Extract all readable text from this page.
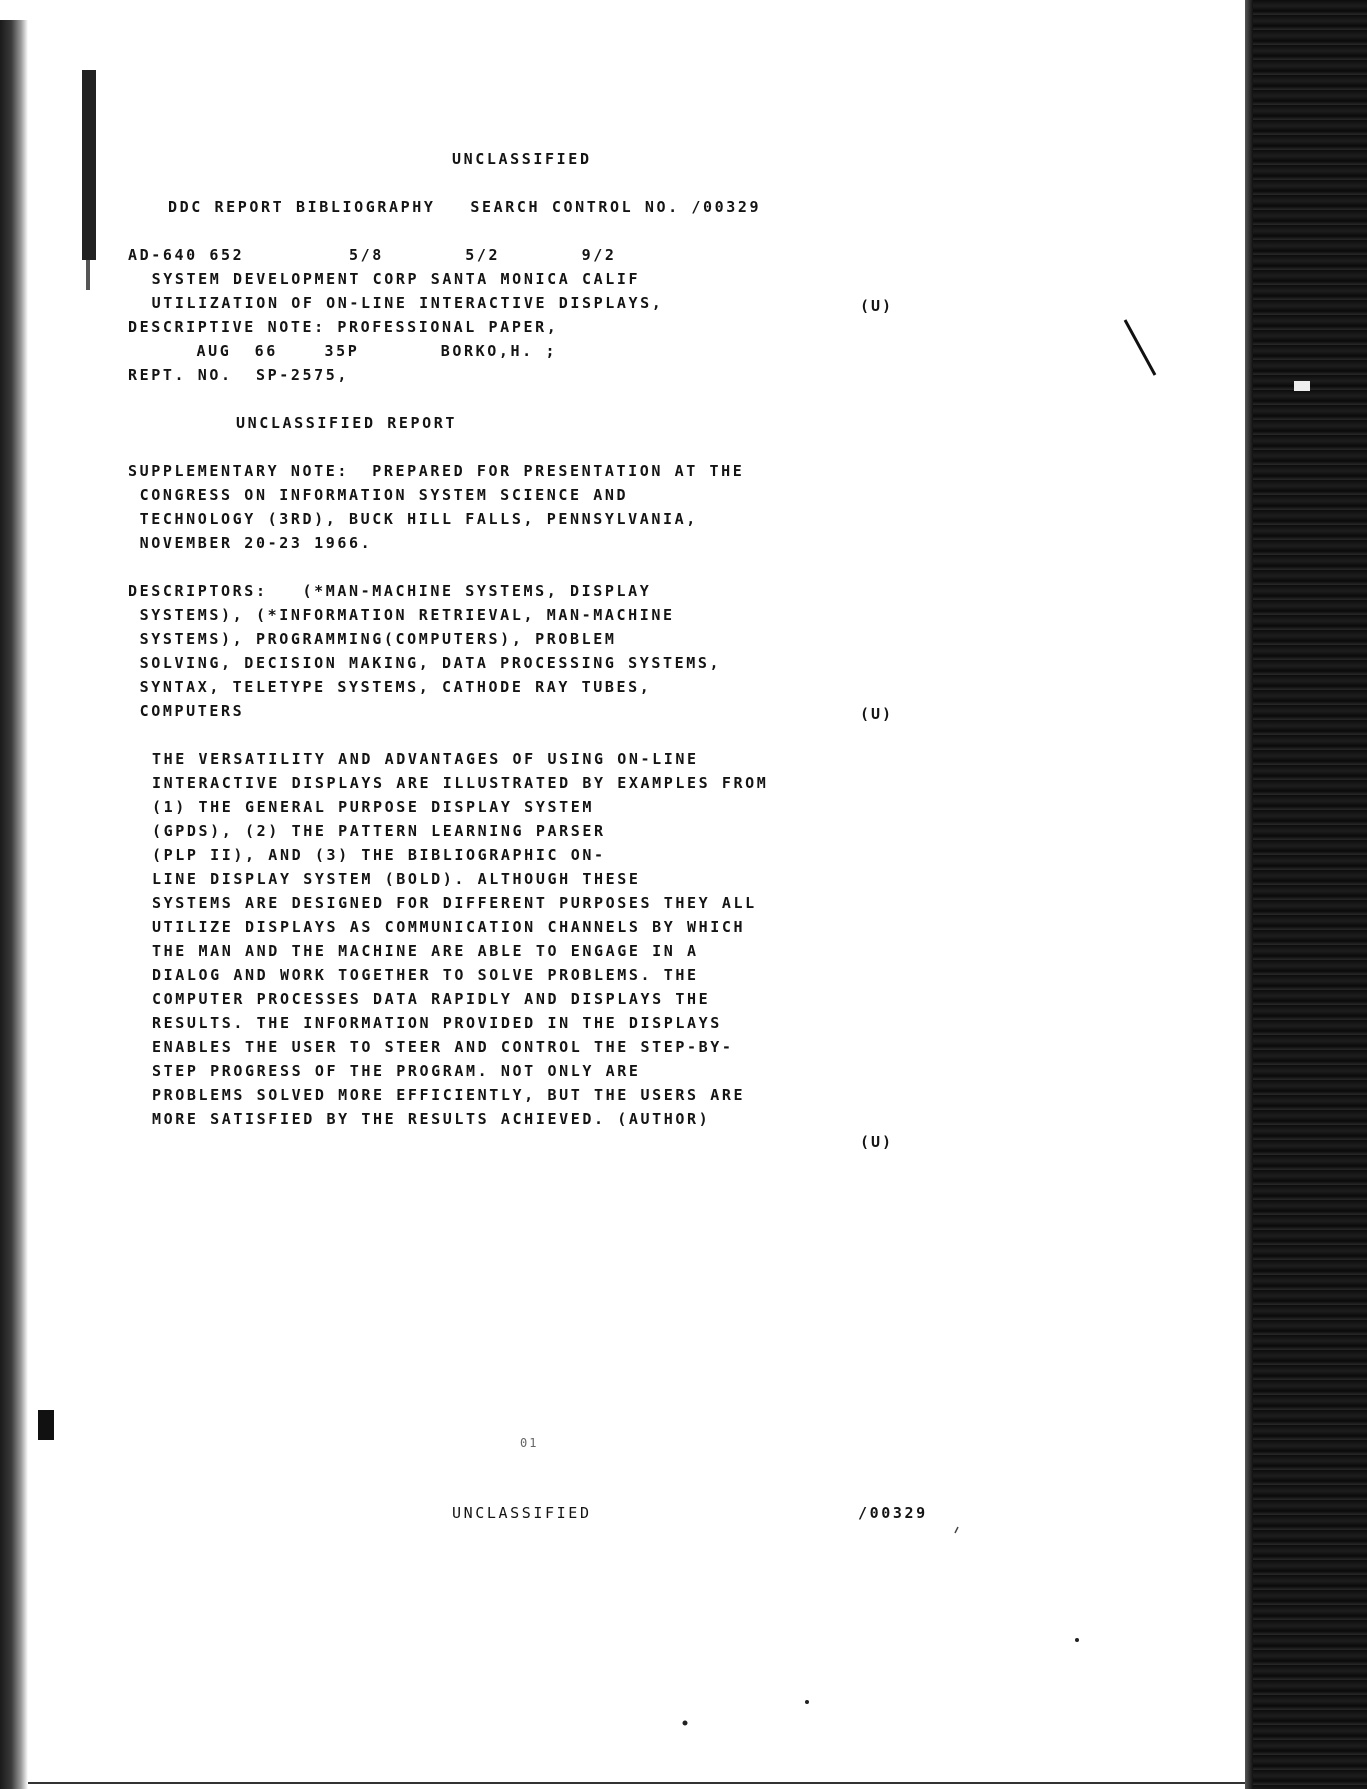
UNCLASSIFIED
DDC REPORT BIBLIOGRAPHY   SEARCH CONTROL NO. /00329
AD-640 652         5/8       5/2       9/2
SYSTEM DEVELOPMENT CORP SANTA MONICA CALIF
UTILIZATION OF ON-LINE INTERACTIVE DISPLAYS,	(U)
DESCRIPTIVE NOTE: PROFESSIONAL PAPER,
AUG  66    35P       BORKO,H. ;
REPT. NO.  SP-2575,
UNCLASSIFIED REPORT
SUPPLEMENTARY NOTE:  PREPARED FOR PRESENTATION AT THE
CONGRESS ON INFORMATION SYSTEM SCIENCE AND
TECHNOLOGY (3RD), BUCK HILL FALLS, PENNSYLVANIA,
NOVEMBER 20-23 1966.
DESCRIPTORS:   (*MAN-MACHINE SYSTEMS, DISPLAY
SYSTEMS), (*INFORMATION RETRIEVAL, MAN-MACHINE
SYSTEMS), PROGRAMMING(COMPUTERS), PROBLEM
SOLVING, DECISION MAKING, DATA PROCESSING SYSTEMS,
SYNTAX, TELETYPE SYSTEMS, CATHODE RAY TUBES,
COMPUTERS	(U)
THE VERSATILITY AND ADVANTAGES OF USING ON-LINE
INTERACTIVE DISPLAYS ARE ILLUSTRATED BY EXAMPLES FROM
(1) THE GENERAL PURPOSE DISPLAY SYSTEM
(GPDS), (2) THE PATTERN LEARNING PARSER
(PLP II), AND (3) THE BIBLIOGRAPHIC ON-
LINE DISPLAY SYSTEM (BOLD). ALTHOUGH THESE
SYSTEMS ARE DESIGNED FOR DIFFERENT PURPOSES THEY ALL
UTILIZE DISPLAYS AS COMMUNICATION CHANNELS BY WHICH
THE MAN AND THE MACHINE ARE ABLE TO ENGAGE IN A
DIALOG AND WORK TOGETHER TO SOLVE PROBLEMS. THE
COMPUTER PROCESSES DATA RAPIDLY AND DISPLAYS THE
RESULTS. THE INFORMATION PROVIDED IN THE DISPLAYS
ENABLES THE USER TO STEER AND CONTROL THE STEP-BY-
STEP PROGRESS OF THE PROGRAM. NOT ONLY ARE
PROBLEMS SOLVED MORE EFFICIENTLY, BUT THE USERS ARE
MORE SATISFIED BY THE RESULTS ACHIEVED. (AUTHOR)
(U)
01
UNCLASSIFIED	/00329
